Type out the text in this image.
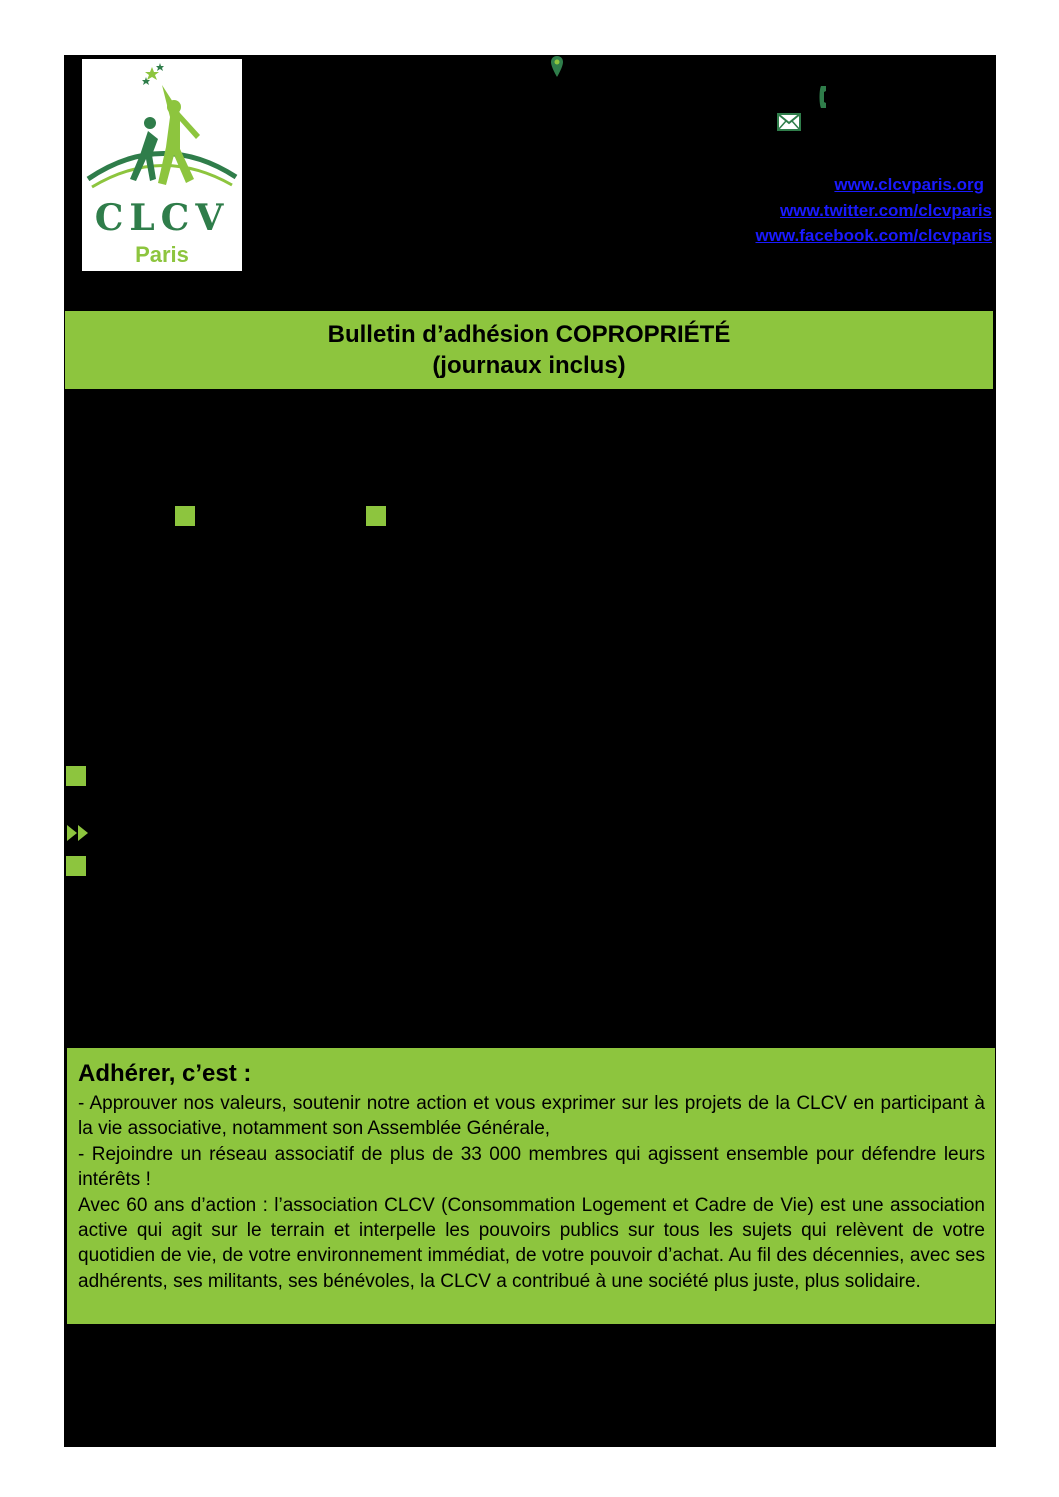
CLCV
Paris
www.clcvparis.org
www.twitter.com/clcvparis
www.facebook.com/clcvparis
Bulletin d’adhésion COPROPRIÉTÉ
(journaux inclus)
Adhérer, c’est :

- Approuver nos valeurs, soutenir notre action et vous exprimer sur les projets de la CLCV en participant à la vie associative, notamment son Assemblée Générale,
- Rejoindre un réseau associatif de plus de 33 000 membres qui agissent ensemble pour défendre leurs intérêts !
Avec 60 ans d’action : l’association CLCV (Consommation Logement et Cadre de Vie) est une association active qui agit sur le terrain et interpelle les pouvoirs publics sur tous les sujets qui relèvent de votre quotidien de vie, de votre environnement immédiat, de votre pouvoir d’achat. Au fil des décennies, avec ses adhérents, ses militants, ses bénévoles, la CLCV a contribué à une société plus juste, plus solidaire.
